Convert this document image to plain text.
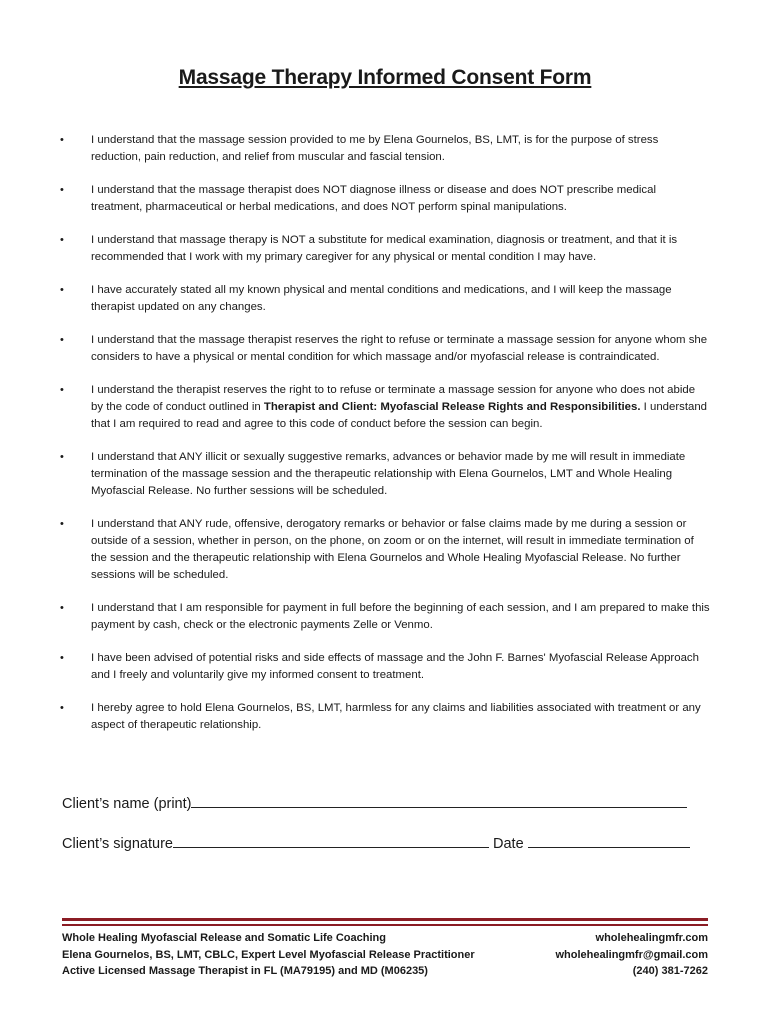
Massage Therapy Informed Consent Form
• I understand that the massage session provided to me by Elena Gournelos, BS, LMT, is for the purpose of stress reduction, pain reduction, and relief from muscular and fascial tension.
• I understand that the massage therapist does NOT diagnose illness or disease and does NOT prescribe medical treatment, pharmaceutical or herbal medications, and does NOT perform spinal manipulations.
• I understand that massage therapy is NOT a substitute for medical examination, diagnosis or treatment, and that it is recommended that I work with my primary caregiver for any physical or mental condition I may have.
• I have accurately stated all my known physical and mental conditions and medications, and I will keep the massage therapist updated on any changes.
• I understand that the massage therapist reserves the right to refuse or terminate a massage session for anyone whom she considers to have a physical or mental condition for which massage and/or myofascial release is contraindicated.
• I understand the therapist reserves the right to to refuse or terminate a massage session for anyone who does not abide by the code of conduct outlined in Therapist and Client: Myofascial Release Rights and Responsibilities. I understand that I am required to read and agree to this code of conduct before the session can begin.
• I understand that ANY illicit or sexually suggestive remarks, advances or behavior made by me will result in immediate termination of the massage session and the therapeutic relationship with Elena Gournelos, LMT and Whole Healing Myofascial Release. No further sessions will be scheduled.
• I understand that ANY rude, offensive, derogatory remarks or behavior or false claims made by me during a session or outside of a session, whether in person, on the phone, on zoom or on the internet, will result in immediate termination of the session and the therapeutic relationship with Elena Gournelos and Whole Healing Myofascial Release. No further sessions will be scheduled.
• I understand that I am responsible for payment in full before the beginning of each session, and I am prepared to make this payment by cash, check or the electronic payments Zelle or Venmo.
• I have been advised of potential risks and side effects of massage and the John F. Barnes' Myofascial Release Approach and I freely and voluntarily give my informed consent to treatment.
• I hereby agree to hold Elena Gournelos, BS, LMT, harmless for any claims and liabilities associated with treatment or any aspect of therapeutic relationship.
Client’s name (print)
Client’s signature	Date
Whole Healing Myofascial Release and Somatic Life Coaching
Elena Gournelos, BS, LMT, CBLC, Expert Level Myofascial Release Practitioner
Active Licensed Massage Therapist in FL (MA79195) and MD (M06235)
wholehealingmfr.com
wholehealingmfr@gmail.com
(240) 381-7262
